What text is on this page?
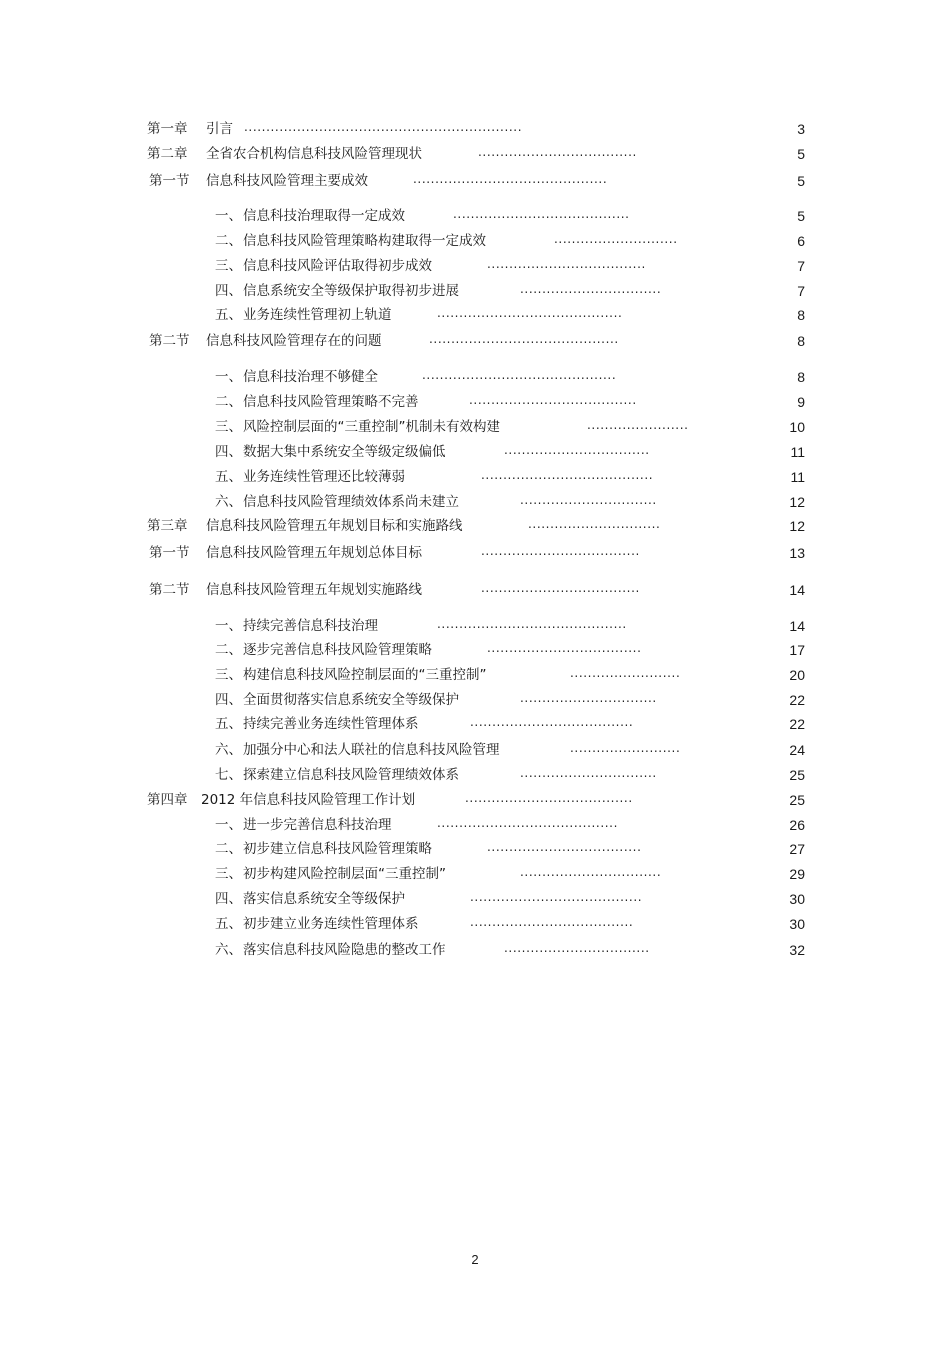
第一章 引言 ...............................................................	3
第二章 全省农合机构信息科技风险管理现状	....................................	5
第一节 信息科技风险管理主要成效	............................................	5
一、 信息科技治理取得一定成效	........................................	5
二、 信息科技风险管理策略构建取得一定成效	............................	6
三、 信息科技风险评估取得初步成效	....................................	7
四、 信息系统安全等级保护取得初步进展	................................	7
五、 业务连续性管理初上轨道	..........................................	8
第二节 信息科技风险管理存在的问题	...........................................	8
一、 信息科技治理不够健全	............................................	8
二、 信息科技风险管理策略不完善	......................................	9
三、 风险控制层面的“三重控制”机制未有效构建	.......................	10
四、 数据大集中系统安全等级定级偏低	.................................	11
五、 业务连续性管理还比较薄弱	.......................................	11
六、 信息科技风险管理绩效体系尚未建立	...............................	12
第三章 信息科技风险管理五年规划目标和实施路线	..............................	12
第一节 信息科技风险管理五年规划总体目标	....................................	13
第二节 信息科技风险管理五年规划实施路线	....................................	14
一、 持续完善信息科技治理	...........................................	14
二、 逐步完善信息科技风险管理策略	...................................	17
三、 构建信息科技风险控制层面的“三重控制”	.........................	20
四、 全面贯彻落实信息系统安全等级保护	...............................	22
五、 持续完善业务连续性管理体系	.....................................	22
六、 加强分中心和法人联社的信息科技风险管理	.........................	24
七、 探索建立信息科技风险管理绩效体系	...............................	25
第四章 2012 年信息科技风险管理工作计划	......................................	25
一、 进一步完善信息科技治理	.........................................	26
二、 初步建立信息科技风险管理策略	...................................	27
三、 初步构建风险控制层面“三重控制”	................................	29
四、 落实信息系统安全等级保护	.......................................	30
五、 初步建立业务连续性管理体系	.....................................	30
六、 落实信息科技风险隐患的整改工作	.................................	32
2
